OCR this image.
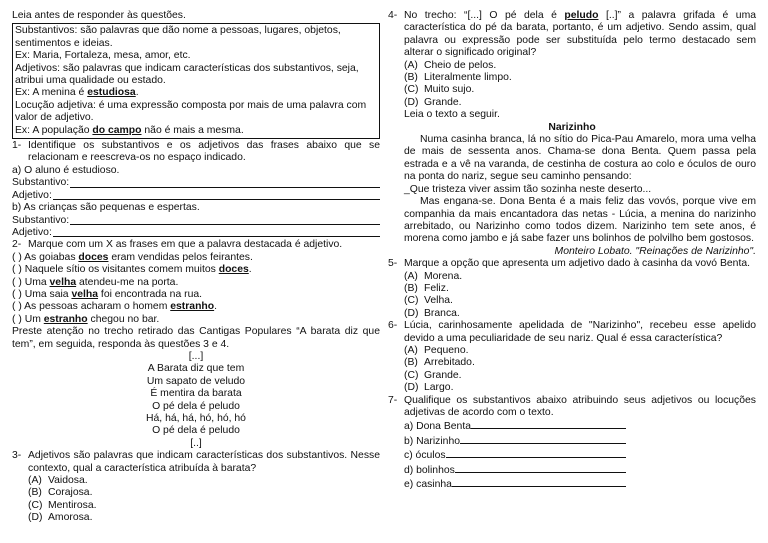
Leia antes de responder às questões.

Substantivos: são palavras que dão nome a pessoas, lugares, objetos, sentimentos e ideias.

Ex: Maria, Fortaleza, mesa, amor, etc.

Adjetivos: são palavras que indicam características dos substantivos, seja, atribui uma qualidade ou estado.

Ex: A menina é estudiosa.

Locução adjetiva: é uma expressão composta por mais de uma palavra com valor de adjetivo.

Ex: A população do campo não é mais a mesma.

1- Identifique os substantivos e os adjetivos das frases abaixo que se relacionam e reescreva-os no espaço indicado.

a) O aluno é estudioso.

Substantivo:
Adjetivo:

b) As crianças são pequenas e espertas.

Substantivo:
Adjetivo:
2- Marque com um X as frases em que a palavra destacada é adjetivo.

( ) As goiabas doces eram vendidas pelos feirantes.

( ) Naquele sítio os visitantes comem muitos doces.

( ) Uma velha atendeu-me na porta.

( ) Uma saia velha foi encontrada na rua.

( ) As pessoas acharam o homem estranho.

( ) Um estranho chegou no bar.

Preste atenção no trecho retirado das Cantigas Populares “A barata diz que tem”, em seguida, responda às questões 3 e 4.

[...]

A Barata diz que tem

Um sapato de veludo

É mentira da barata

O pé dela é peludo

Há, há, há, hó, hó, hó

O pé dela é peludo

[..]

3- Adjetivos são palavras que indicam características dos substantivos. Nesse contexto, qual a característica atribuída à barata?
(A) Vaidosa.
(B) Corajosa.
(C) Mentirosa.
(D) Amorosa.
4- No trecho: “[...] O pé dela é peludo [..]” a palavra grifada é uma característica do pé da barata, portanto, é um adjetivo. Sendo assim, qual palavra ou expressão pode ser substituída pelo termo destacado sem alterar o significado original?
(A) Cheio de pelos.
(B) Literalmente limpo.
(C) Muito sujo.
(D) Grande.

Leia o texto a seguir.

Narizinho

Numa casinha branca, lá no sítio do Pica-Pau Amarelo, mora uma velha de mais de sessenta anos. Chama-se dona Benta. Quem passa pela estrada e a vê na varanda, de cestinha de costura ao colo e óculos de ouro na ponta do nariz, segue seu caminho pensando:

_Que tristeza viver assim tão sozinha neste deserto...

Mas engana-se. Dona Benta é a mais feliz das vovós, porque vive em companhia da mais encantadora das netas - Lúcia, a menina do narizinho arrebitado, ou Narizinho como todos dizem. Narizinho tem sete anos, é morena como jambo e já sabe fazer uns bolinhos de polvilho bem gostosos.

Monteiro Lobato. "Reinações de Narizinho".

5- Marque a opção que apresenta um adjetivo dado à casinha da vovó Benta.
(A) Morena.
(B) Feliz.
(C) Velha.
(D) Branca.
6- Lúcia, carinhosamente apelidada de "Narizinho", recebeu esse apelido devido a uma peculiaridade de seu nariz. Qual é essa característica?
(A) Pequeno.
(B) Arrebitado.
(C) Grande.
(D) Largo.
7- Qualifique os substantivos abaixo atribuindo seus adjetivos ou locuções adjetivas de acordo com o texto.
a) Dona Benta
b) Narizinho
c) óculos
d) bolinhos
e) casinha
